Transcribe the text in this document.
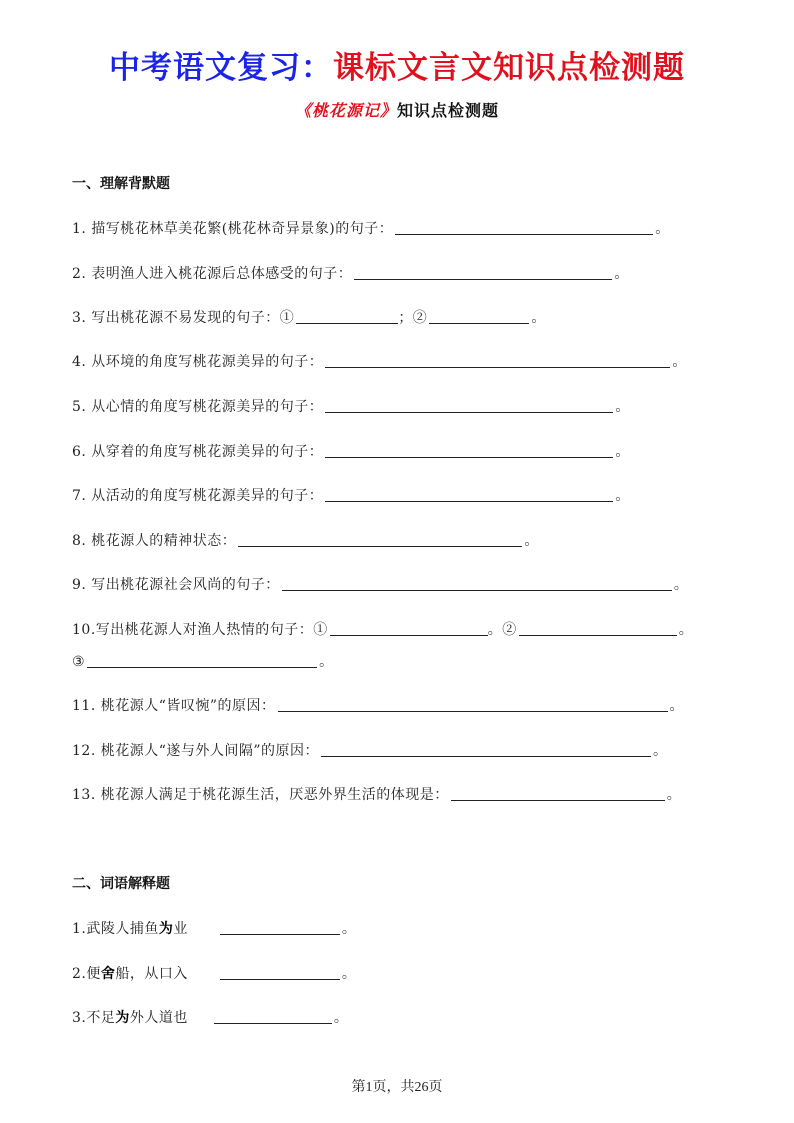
中考语文复习：课标文言文知识点检测题
《桃花源记》知识点检测题
一、理解背默题
1. 描写桃花林草美花繁(桃花林奇异景象)的句子：	。
2. 表明渔人进入桃花源后总体感受的句子：	。
3. 写出桃花源不易发现的句子：①	；②	。
4. 从环境的角度写桃花源美异的句子：	。
5. 从心情的角度写桃花源美异的句子：	。
6. 从穿着的角度写桃花源美异的句子：	。
7. 从活动的角度写桃花源美异的句子：	。
8. 桃花源人的精神状态：	。
9. 写出桃花源社会风尚的句子：	。
10.写出桃花源人对渔人热情的句子：①	。②	。
③	。
11. 桃花源人“皆叹惋”的原因：	。
12. 桃花源人“遂与外人间隔”的原因：	。
13. 桃花源人满足于桃花源生活，厌恶外界生活的体现是：	。
二、词语解释题
1.武陵人捕鱼为业	。
2.便舍船，从口入	。
3.不足为外人道也	。
第1页，共26页
